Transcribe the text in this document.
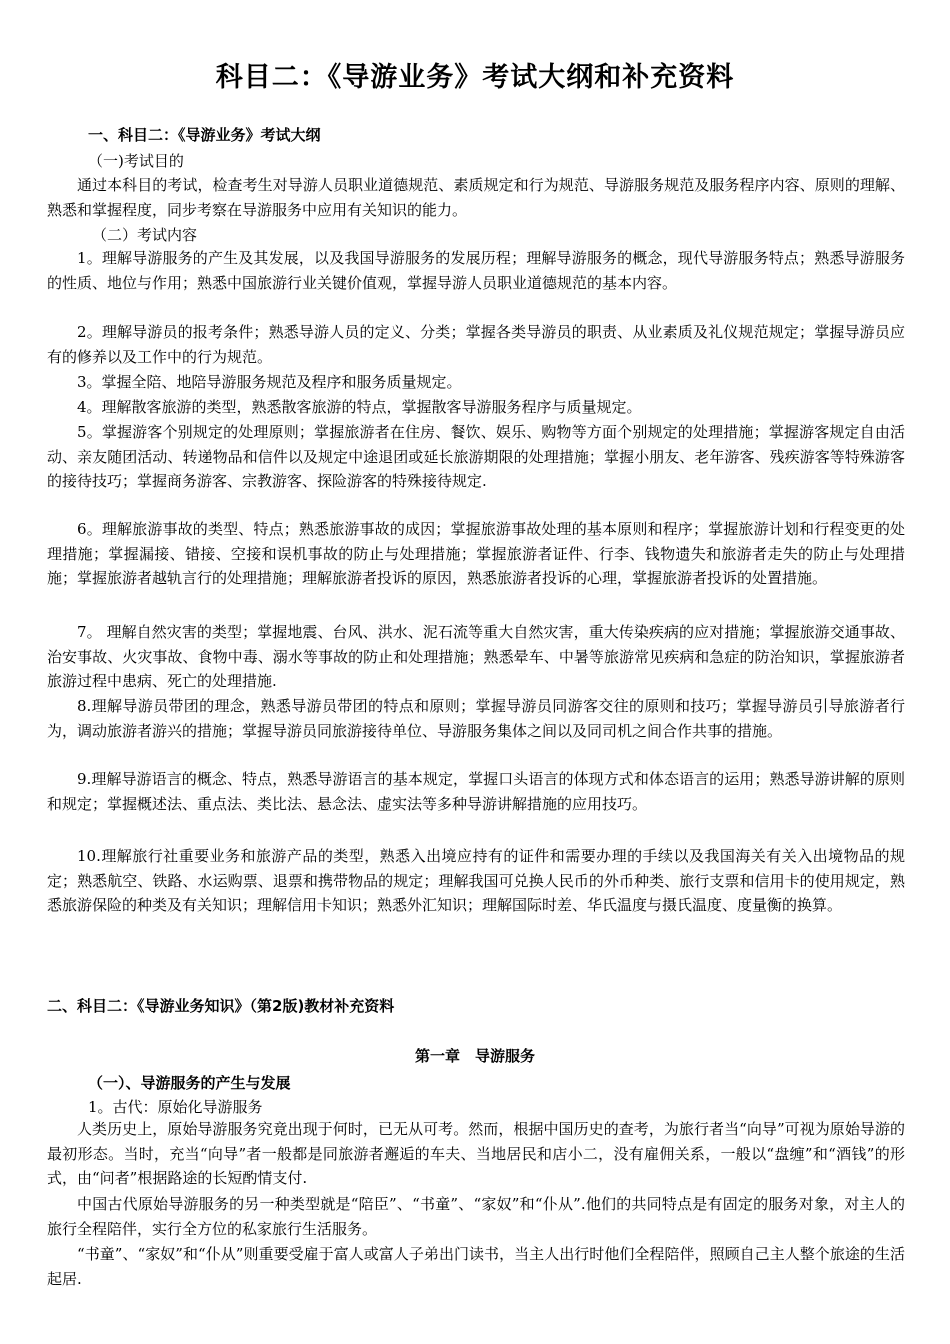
科目二：《导游业务》考试大纲和补充资料
一、科目二：《导游业务》考试大纲
（一)考试目的
通过本科目的考试，检查考生对导游人员职业道德规范、素质规定和行为规范、导游服务规范及服务程序内容、原则的理解、熟悉和掌握程度，同步考察在导游服务中应用有关知识的能力。
（二）考试内容
1。理解导游服务的产生及其发展，以及我国导游服务的发展历程；理解导游服务的概念，现代导游服务特点；熟悉导游服务的性质、地位与作用；熟悉中国旅游行业关键价值观，掌握导游人员职业道德规范的基本内容。
2。理解导游员的报考条件；熟悉导游人员的定义、分类；掌握各类导游员的职责、从业素质及礼仪规范规定；掌握导游员应有的修养以及工作中的行为规范。
3。掌握全陪、地陪导游服务规范及程序和服务质量规定。
4。理解散客旅游的类型，熟悉散客旅游的特点，掌握散客导游服务程序与质量规定。
5。掌握游客个别规定的处理原则；掌握旅游者在住房、餐饮、娱乐、购物等方面个别规定的处理措施；掌握游客规定自由活动、亲友随团活动、转递物品和信件以及规定中途退团或延长旅游期限的处理措施；掌握小朋友、老年游客、残疾游客等特殊游客的接待技巧；掌握商务游客、宗教游客、探险游客的特殊接待规定.
6。理解旅游事故的类型、特点；熟悉旅游事故的成因；掌握旅游事故处理的基本原则和程序；掌握旅游计划和行程变更的处理措施；掌握漏接、错接、空接和误机事故的防止与处理措施；掌握旅游者证件、行李、钱物遗失和旅游者走失的防止与处理措施；掌握旅游者越轨言行的处理措施；理解旅游者投诉的原因，熟悉旅游者投诉的心理，掌握旅游者投诉的处置措施。
7。 理解自然灾害的类型；掌握地震、台风、洪水、泥石流等重大自然灾害，重大传染疾病的应对措施；掌握旅游交通事故、治安事故、火灾事故、食物中毒、溺水等事故的防止和处理措施；熟悉晕车、中暑等旅游常见疾病和急症的防治知识，掌握旅游者旅游过程中患病、死亡的处理措施.
8.理解导游员带团的理念，熟悉导游员带团的特点和原则；掌握导游员同游客交往的原则和技巧；掌握导游员引导旅游者行为，调动旅游者游兴的措施；掌握导游员同旅游接待单位、导游服务集体之间以及同司机之间合作共事的措施。
9.理解导游语言的概念、特点，熟悉导游语言的基本规定，掌握口头语言的体现方式和体态语言的运用；熟悉导游讲解的原则和规定；掌握概述法、重点法、类比法、悬念法、虚实法等多种导游讲解措施的应用技巧。
10.理解旅行社重要业务和旅游产品的类型，熟悉入出境应持有的证件和需要办理的手续以及我国海关有关入出境物品的规定；熟悉航空、铁路、水运购票、退票和携带物品的规定；理解我国可兑换人民币的外币种类、旅行支票和信用卡的使用规定，熟悉旅游保险的种类及有关知识；理解信用卡知识；熟悉外汇知识；理解国际时差、华氏温度与摄氏温度、度量衡的换算。
二、科目二：《导游业务知识》（第2版)教材补充资料
第一章　导游服务
（一）、导游服务的产生与发展
1。古代：原始化导游服务
人类历史上，原始导游服务究竟出现于何时，已无从可考。然而，根据中国历史的查考，为旅行者当“向导”可视为原始导游的最初形态。当时，充当“向导”者一般都是同旅游者邂逅的车夫、当地居民和店小二，没有雇佣关系，一般以“盘缠”和“酒钱”的形式，由“问者”根据路途的长短酌情支付.
中国古代原始导游服务的另一种类型就是“陪臣”、“书童”、“家奴”和“仆从”.他们的共同特点是有固定的服务对象，对主人的旅行全程陪伴，实行全方位的私家旅行生活服务。
“书童”、“家奴”和“仆从”则重要受雇于富人或富人子弟出门读书，当主人出行时他们全程陪伴，照顾自己主人整个旅途的生活起居.
